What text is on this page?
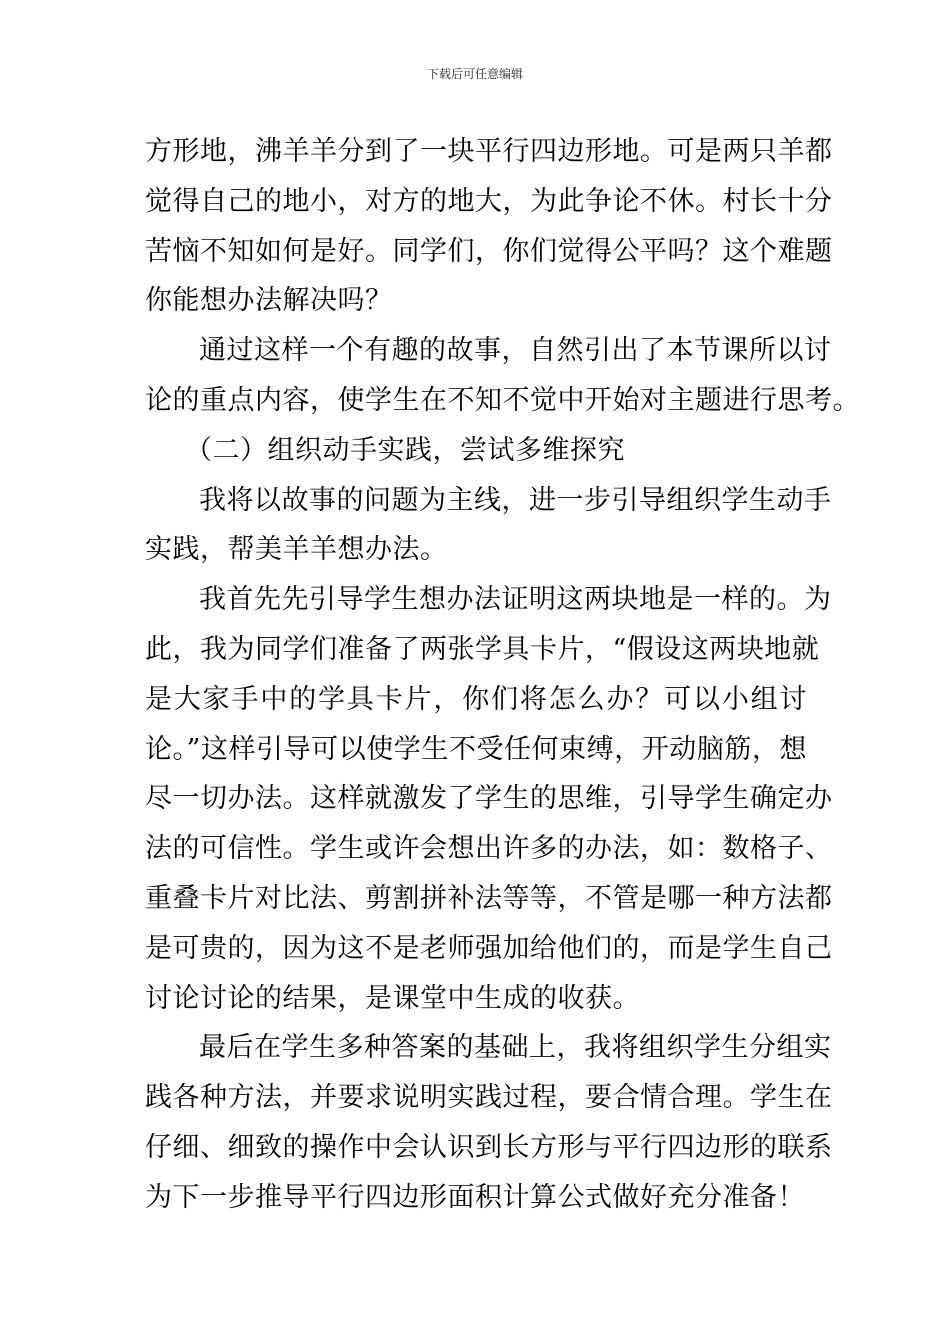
下载后可任意编辑
方形地，沸羊羊分到了一块平行四边形地。可是两只羊都
觉得自己的地小，对方的地大，为此争论不休。村长十分
苦恼不知如何是好。同学们，你们觉得公平吗？这个难题
你能想办法解决吗？
通过这样一个有趣的故事，自然引出了本节课所以讨
论的重点内容，使学生在不知不觉中开始对主题进行思考。
（二）组织动手实践，尝试多维探究
我将以故事的问题为主线，进一步引导组织学生动手
实践，帮美羊羊想办法。
我首先先引导学生想办法证明这两块地是一样的。为
此，我为同学们准备了两张学具卡片，“假设这两块地就
是大家手中的学具卡片，你们将怎么办？可以小组讨
论。”这样引导可以使学生不受任何束缚，开动脑筋，想
尽一切办法。这样就激发了学生的思维，引导学生确定办
法的可信性。学生或许会想出许多的办法，如：数格子、
重叠卡片对比法、剪割拼补法等等，不管是哪一种方法都
是可贵的，因为这不是老师强加给他们的，而是学生自己
讨论讨论的结果，是课堂中生成的收获。
最后在学生多种答案的基础上，我将组织学生分组实
践各种方法，并要求说明实践过程，要合情合理。学生在
仔细、细致的操作中会认识到长方形与平行四边形的联系
为下一步推导平行四边形面积计算公式做好充分准备！
